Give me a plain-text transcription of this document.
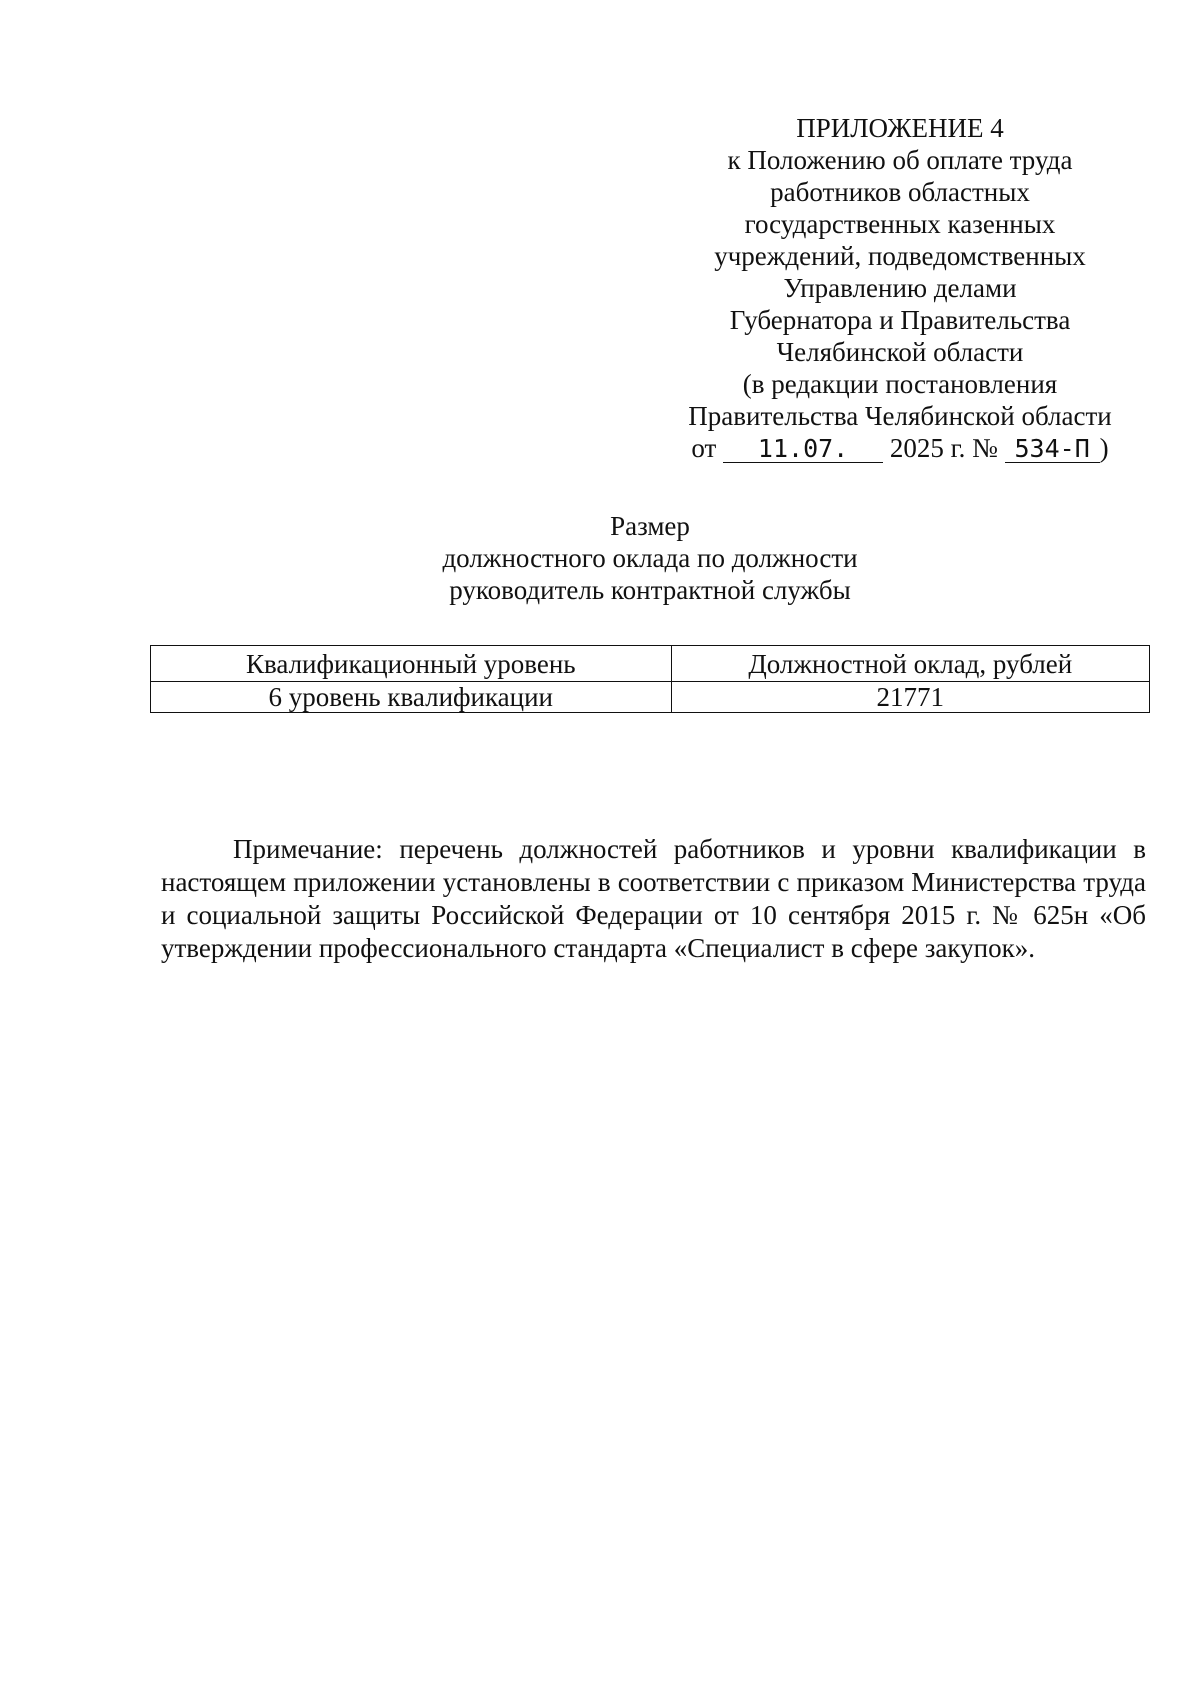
ПРИЛОЖЕНИЕ 4
к Положению об оплате труда
работников областных
государственных казенных
учреждений, подведомственных
Управлению делами
Губернатора и Правительства
Челябинской области
(в редакции постановления
Правительства Челябинской области
от 11.07. 2025 г. № 534-П )
Размер
должностного оклада по должности
руководитель контрактной службы
Квалификационный уровень	Должностной оклад, рублей
6 уровень квалификации	21771

Примечание: перечень должностей работников и уровни квалификации в настоящем приложении установлены в соответствии с приказом Министерства труда и социальной защиты Российской Федерации от 10 сентября 2015 г. № 625н «Об утверждении профессионального стандарта «Специалист в сфере закупок».
